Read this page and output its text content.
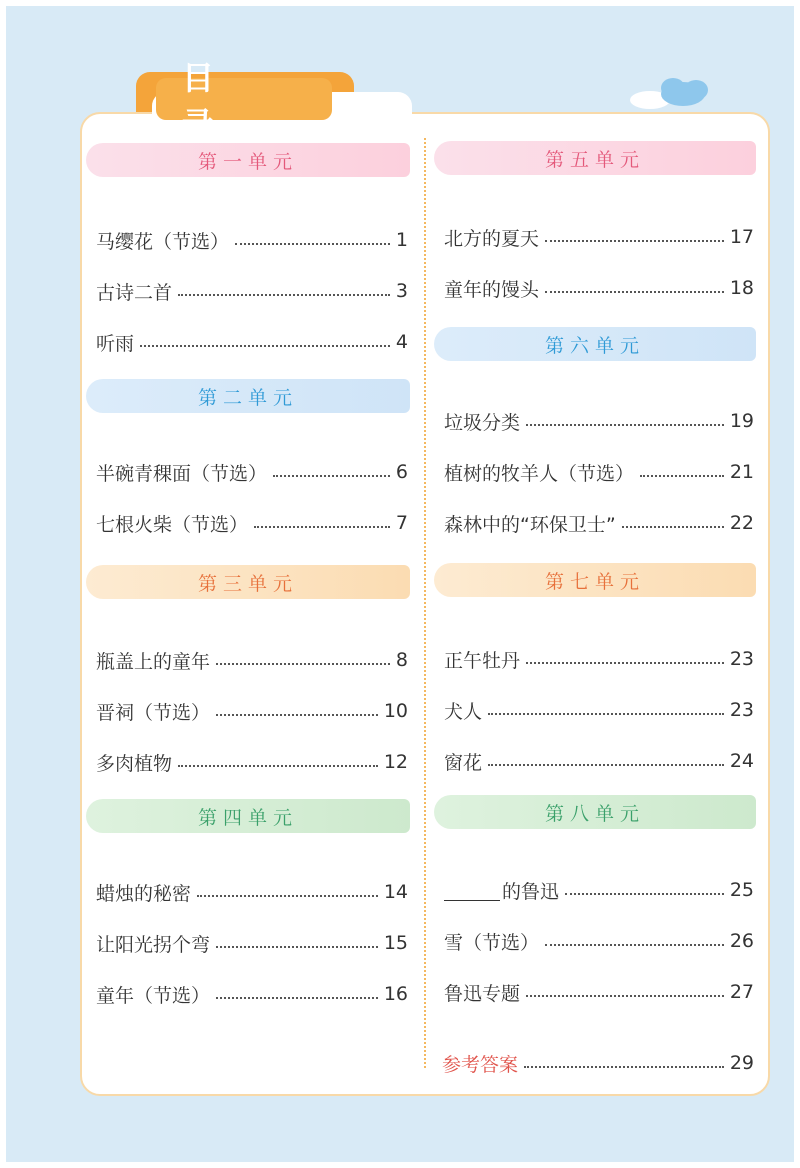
目
第一单元
马缨花（节选）	1
古诗二首	3
听雨	4
第二单元
半碗青稞面（节选）	6
七根火柴（节选）	7
第三单元
瓶盖上的童年	8
晋祠（节选）	10
多肉植物	12
第四单元
蜡烛的秘密	14
让阳光拐个弯	15
童年（节选）	16
第五单元
北方的夏天	17
童年的馒头	18
第六单元
垃圾分类	19
植树的牧羊人（节选）	21
森林中的“环保卫士”	22
第七单元
正午牡丹	23
犬人	23
窗花	24
第八单元
的鲁迅	25
雪（节选）	26
鲁迅专题	27
参考答案	29
